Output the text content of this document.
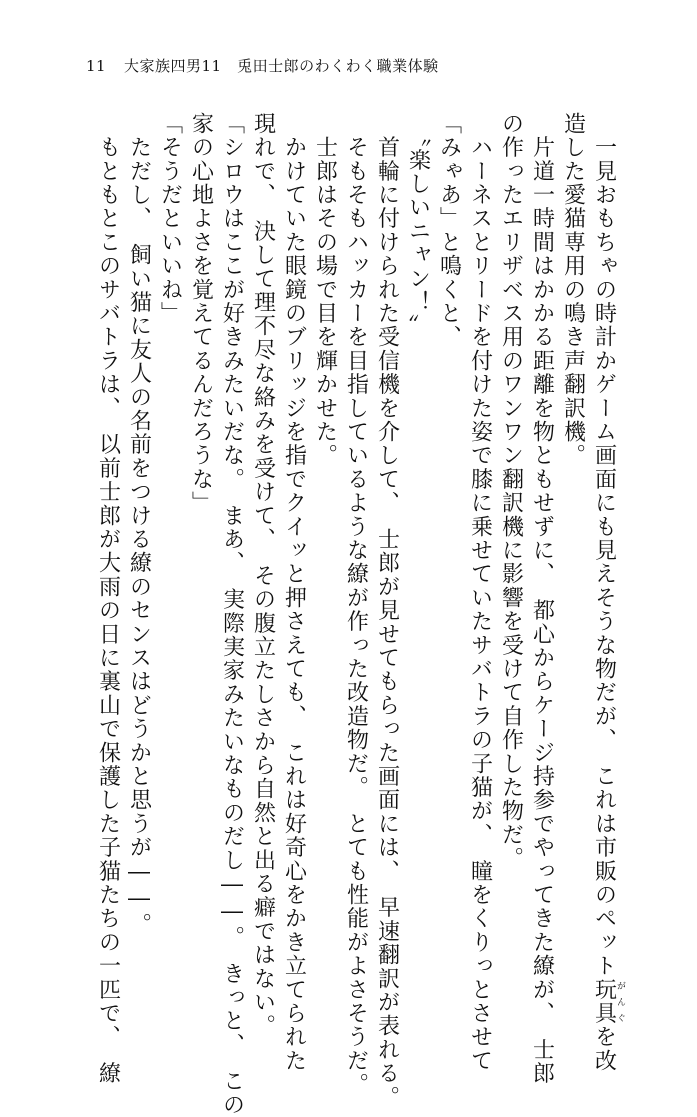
11 大家族四男11　兎田士郎のわくわく職業体験
　一見おもちゃの時計かゲーム画面にも見えそうな物だが、　これは市販のペット玩具がんぐを改
造した愛猫専用の鳴き声翻訳機。
　片道一時間はかかる距離を物ともせずに、　都心からケージ持参でやってきた繚が、　士郎
の作ったエリザベス用のワンワン翻訳機に影響を受けて自作した物だ。
　ハーネスとリードを付けた姿で膝に乗せていたサバトラの子猫が、　瞳をくりっとさせて
「みゃあ」と鳴くと、
　〝楽しいニャン！〟
　首輪に付けられた受信機を介して、　士郎が見せてもらった画面には、　早速翻訳が表れる。
　そもそもハッカーを目指しているような繚が作った改造物だ。　とても性能がよさそうだ。
　士郎はその場で目を輝かせた。
　かけていた眼鏡のブリッジを指でクイッと押さえても、　これは好奇心をかき立てられた
現れで、　決して理不尽な絡みを受けて、　その腹立たしさから自然と出る癖ではない。
「シロウはここが好きみたいだな。　まあ、　実際実家みたいなものだし――。　きっと、　この
家の心地よさを覚えてるんだろうな」
「そうだといいね」
　ただし、　飼い猫に友人の名前をつける繚のセンスはどうかと思うが――。
　もともとこのサバトラは、　以前士郎が大雨の日に裏山で保護した子猫たちの一匹で、　繚
